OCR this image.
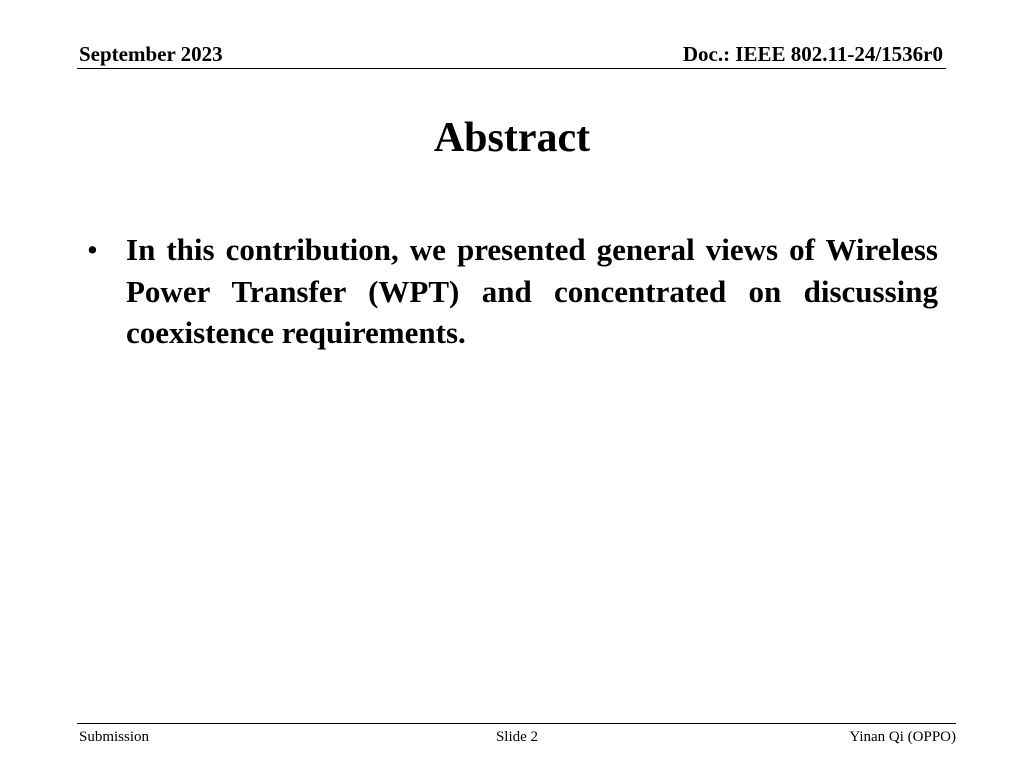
September 2023	Doc.: IEEE 802.11-24/1536r0
Abstract
• In this contribution, we presented general views of Wireless Power Transfer (WPT) and concentrated on discussing coexistence requirements.
Submission	Slide 2	Yinan Qi (OPPO)
